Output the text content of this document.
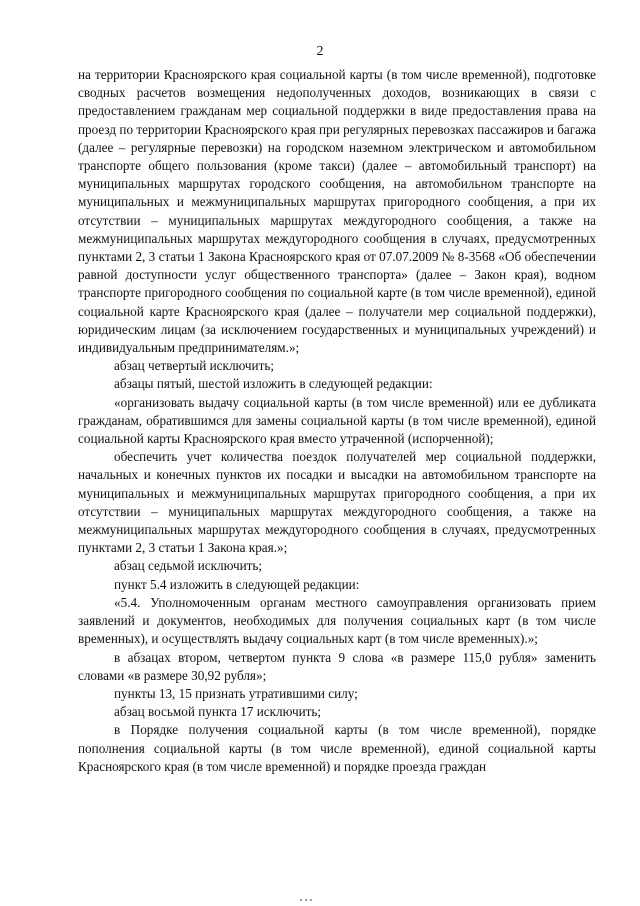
2

на территории Красноярского края социальной карты (в том числе временной), подготовке сводных расчетов возмещения недополученных доходов, возникающих в связи с предоставлением гражданам мер социальной поддержки в виде предоставления права на проезд по территории Красноярского края при регулярных перевозках пассажиров и багажа (далее – регулярные перевозки) на городском наземном электрическом и автомобильном транспорте общего пользования (кроме такси) (далее – автомобильный транспорт) на муниципальных маршрутах городского сообщения, на автомобильном транспорте на муниципальных и межмуниципальных маршрутах пригородного сообщения, а при их отсутствии – муниципальных маршрутах междугородного сообщения, а также на межмуниципальных маршрутах междугородного сообщения в случаях, предусмотренных пунктами 2, 3 статьи 1 Закона Красноярского края от 07.07.2009 № 8-3568 «Об обеспечении равной доступности услуг общественного транспорта» (далее – Закон края), водном транспорте пригородного сообщения по социальной карте (в том числе временной), единой социальной карте Красноярского края (далее – получатели мер социальной поддержки), юридическим лицам (за исключением государственных и муниципальных учреждений) и индивидуальным предпринимателям.»;

абзац четвертый исключить;

абзацы пятый, шестой изложить в следующей редакции:

«организовать выдачу социальной карты (в том числе временной) или ее дубликата гражданам, обратившимся для замены социальной карты (в том числе временной), единой социальной карты Красноярского края вместо утраченной (испорченной);

обеспечить учет количества поездок получателей мер социальной поддержки, начальных и конечных пунктов их посадки и высадки на автомобильном транспорте на муниципальных и межмуниципальных маршрутах пригородного сообщения, а при их отсутствии – муниципальных маршрутах междугородного сообщения, а также на межмуниципальных маршрутах междугородного сообщения в случаях, предусмотренных пунктами 2, 3 статьи 1 Закона края.»;

абзац седьмой исключить;

пункт 5.4 изложить в следующей редакции:

«5.4. Уполномоченным органам местного самоуправления организовать прием заявлений и документов, необходимых для получения социальных карт (в том числе временных), и осуществлять выдачу социальных карт (в том числе временных).»;

в абзацах втором, четвертом пункта 9 слова «в размере 115,0 рубля» заменить словами «в размере 30,92 рубля»;

пункты 13, 15 признать утратившими силу;

абзац восьмой пункта 17 исключить;

в Порядке получения социальной карты (в том числе временной), порядке пополнения социальной карты (в том числе временной), единой социальной карты Красноярского края (в том числе временной) и порядке проезда граждан
